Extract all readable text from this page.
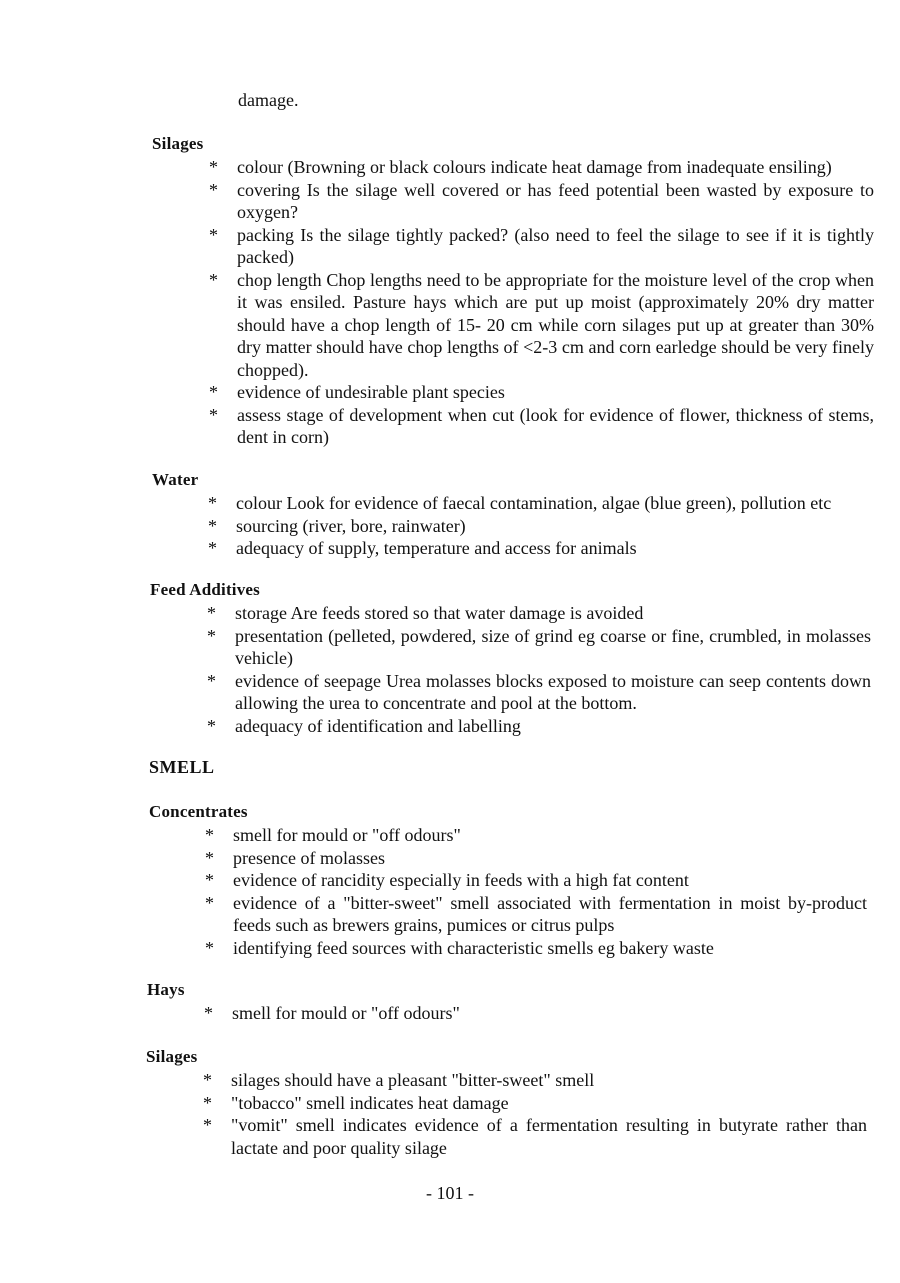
damage.
Silages
* colour (Browning or black colours indicate heat damage from inadequate ensiling)
* covering Is the silage well covered or has feed potential been wasted by exposure to oxygen?
* packing Is the silage tightly packed? (also need to feel the silage to see if it is tightly packed)
* chop length Chop lengths need to be appropriate for the moisture level of the crop when it was ensiled. Pasture hays which are put up moist (approximately 20% dry matter should have a chop length of 15- 20 cm while corn silages put up at greater than 30% dry matter should have chop lengths of <2-3 cm and corn earledge should be very finely chopped).
* evidence of undesirable plant species
* assess stage of development when cut (look for evidence of flower, thickness of stems, dent in corn)
Water
* colour Look for evidence of faecal contamination, algae (blue green), pollution etc
* sourcing (river, bore, rainwater)
* adequacy of supply, temperature and access for animals
Feed Additives
* storage Are feeds stored so that water damage is avoided
* presentation (pelleted, powdered, size of grind eg coarse or fine, crumbled, in molasses vehicle)
* evidence of seepage Urea molasses blocks exposed to moisture can seep contents down allowing the urea to concentrate and pool at the bottom.
* adequacy of identification and labelling
SMELL
Concentrates
* smell for mould or "off odours"
* presence of molasses
* evidence of rancidity especially in feeds with a high fat content
* evidence of a "bitter-sweet" smell associated with fermentation in moist by-product feeds such as brewers grains, pumices or citrus pulps
* identifying feed sources with characteristic smells eg bakery waste
Hays
* smell for mould or "off odours"
Silages
* silages should have a pleasant "bitter-sweet" smell
* "tobacco" smell indicates heat damage
* "vomit" smell indicates evidence of a fermentation resulting in butyrate rather than lactate and poor quality silage
- 101 -
